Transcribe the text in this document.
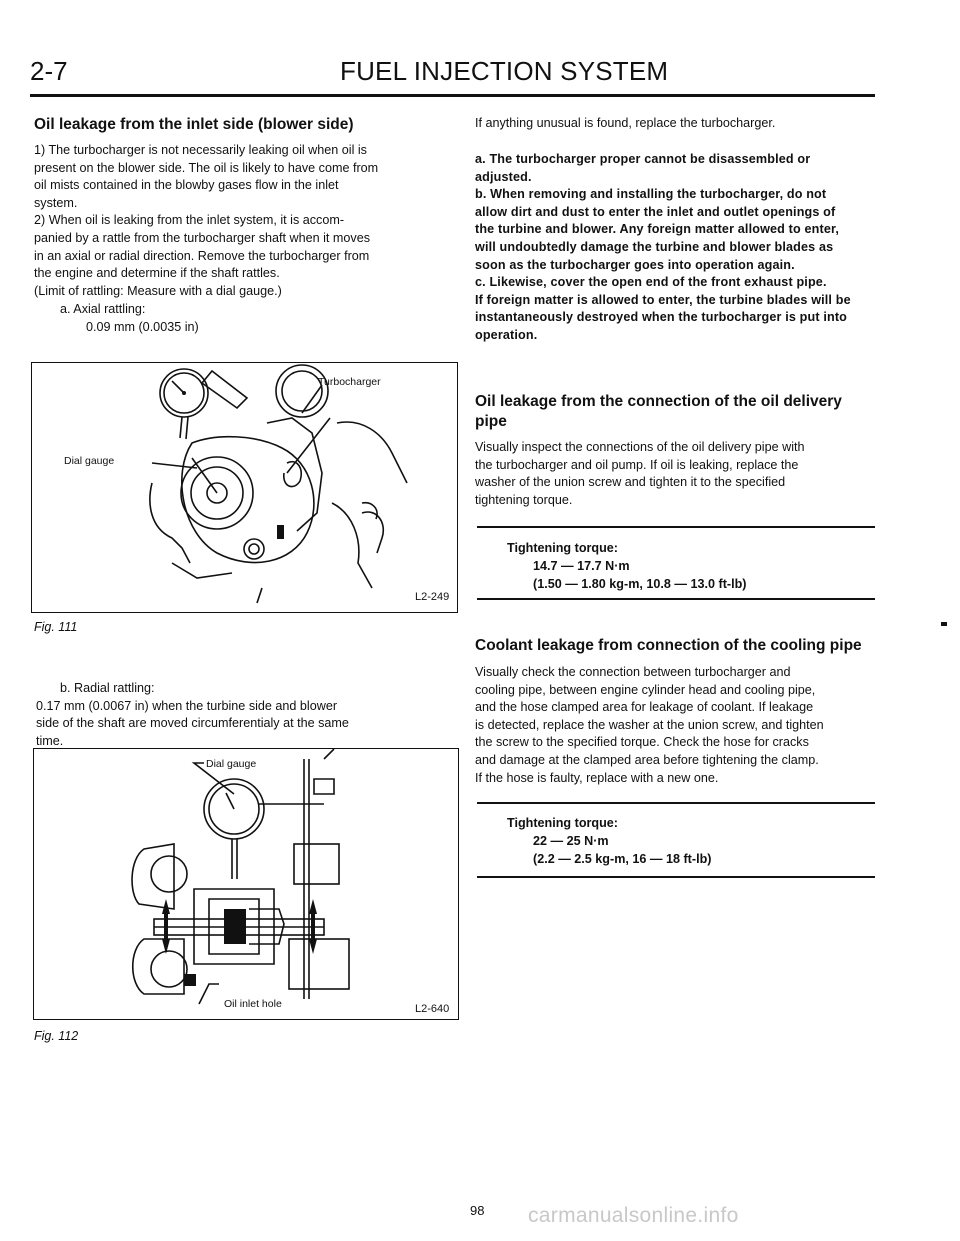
2-7	FUEL INJECTION SYSTEM
Oil leakage from the inlet side (blower side)
1) The turbocharger is not necessarily leaking oil when oil is
present on the blower side. The oil is likely to have come from
oil mists contained in the blowby gases flow in the inlet
system.
2) When oil is leaking from the inlet system, it is accom-
panied by a rattle from the turbocharger shaft when it moves
in an axial or radial direction. Remove the turbocharger from
the engine and determine if the shaft rattles.
(Limit of rattling: Measure with a dial gauge.)
a. Axial rattling:
0.09 mm (0.0035 in)
Turbocharger
Dial gauge
L2-249
Fig. 111
b. Radial rattling:
0.17 mm (0.0067 in) when the turbine side and blower
side of the shaft are moved circumferentialy at the same
time.
Dial gauge
Oil inlet hole	L2-640
Fig. 112
If anything unusual is found, replace the turbocharger.
a. The turbocharger proper cannot be disassembled or
adjusted.
b. When removing and installing the turbocharger, do not
allow dirt and dust to enter the inlet and outlet openings of
the turbine and blower. Any foreign matter allowed to enter,
will undoubtedly damage the turbine and blower blades as
soon as the turbocharger goes into operation again.
c. Likewise, cover the open end of the front exhaust pipe.
If foreign matter is allowed to enter, the turbine blades will be
instantaneously destroyed when the turbocharger is put into
operation.
Oil leakage from the connection of the oil delivery
pipe
Visually inspect the connections of the oil delivery pipe with
the turbocharger and oil pump. If oil is leaking, replace the
washer of the union screw and tighten it to the specified
tightening torque.
Tightening torque:
14.7 — 17.7 N·m
(1.50 — 1.80 kg-m, 10.8 — 13.0 ft-lb)
Coolant leakage from connection of the cooling pipe
Visually check the connection between turbocharger and
cooling pipe, between engine cylinder head and cooling pipe,
and the hose clamped area for leakage of coolant. If leakage
is detected, replace the washer at the union screw, and tighten
the screw to the specified torque. Check the hose for cracks
and damage at the clamped area before tightening the clamp.
If the hose is faulty, replace with a new one.
Tightening torque:
22 — 25 N·m
(2.2 — 2.5 kg-m, 16 — 18 ft-lb)
98 carmanualsonline.info
